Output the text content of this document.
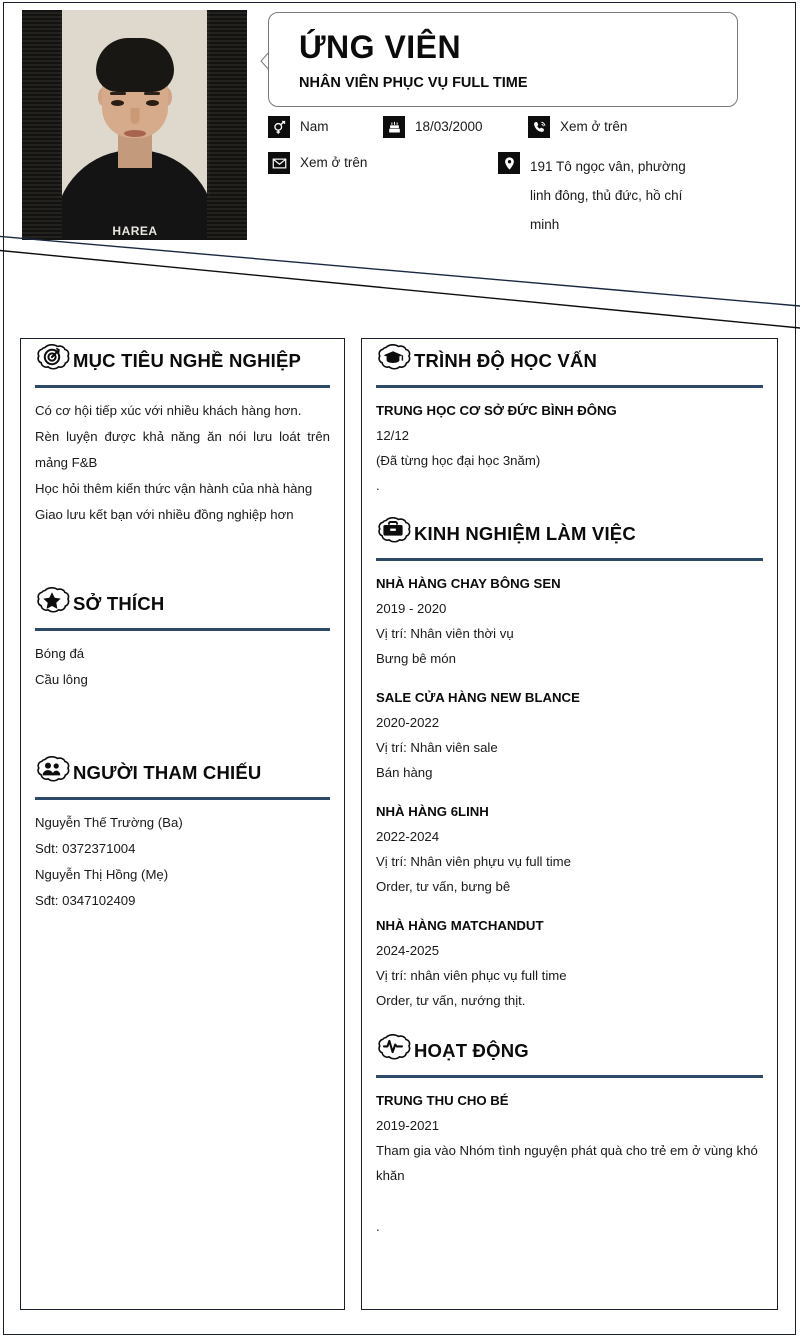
HAREA
ỨNG VIÊN
NHÂN VIÊN PHỤC VỤ FULL TIME
Nam	18/03/2000	Xem ở trên
Xem ở trên	191 Tô ngọc vân, phường linh đông, thủ đức, hồ chí minh
MỤC TIÊU NGHỀ NGHIỆP
Có cơ hội tiếp xúc với nhiều khách hàng hơn.
Rèn luyện được khả năng ăn nói lưu loát trên mảng F&B
Học hỏi thêm kiến thức vận hành của nhà hàng
Giao lưu kết bạn với nhiều đồng nghiệp hơn
SỞ THÍCH
Bóng đá
Cầu lông
NGƯỜI THAM CHIẾU
Nguyễn Thế Trường (Ba)
Sdt: 0372371004
Nguyễn Thị Hồng (Mẹ)
Sđt: 0347102409
TRÌNH ĐỘ HỌC VẤN
TRUNG HỌC CƠ SỞ ĐỨC BÌNH ĐÔNG
12/12
(Đã từng học đại học 3năm)
.
KINH NGHIỆM LÀM VIỆC
NHÀ HÀNG CHAY BÔNG SEN
2019 - 2020
Vị trí: Nhân viên thời vụ
Bưng bê món
SALE CỬA HÀNG NEW BLANCE
2020-2022
Vị trí: Nhân viên sale
Bán hàng
NHÀ HÀNG 6LINH
2022-2024
Vị trí: Nhân viên phựu vụ full time
Order, tư vấn, bưng bê
NHÀ HÀNG MATCHANDUT
2024-2025
Vị trí: nhân viên phục vụ full time
Order, tư vấn, nướng thịt.
HOẠT ĐỘNG
TRUNG THU CHO BÉ
2019-2021
Tham gia vào Nhóm tình nguyện phát quà cho trẻ em ở vùng khó khăn
.
